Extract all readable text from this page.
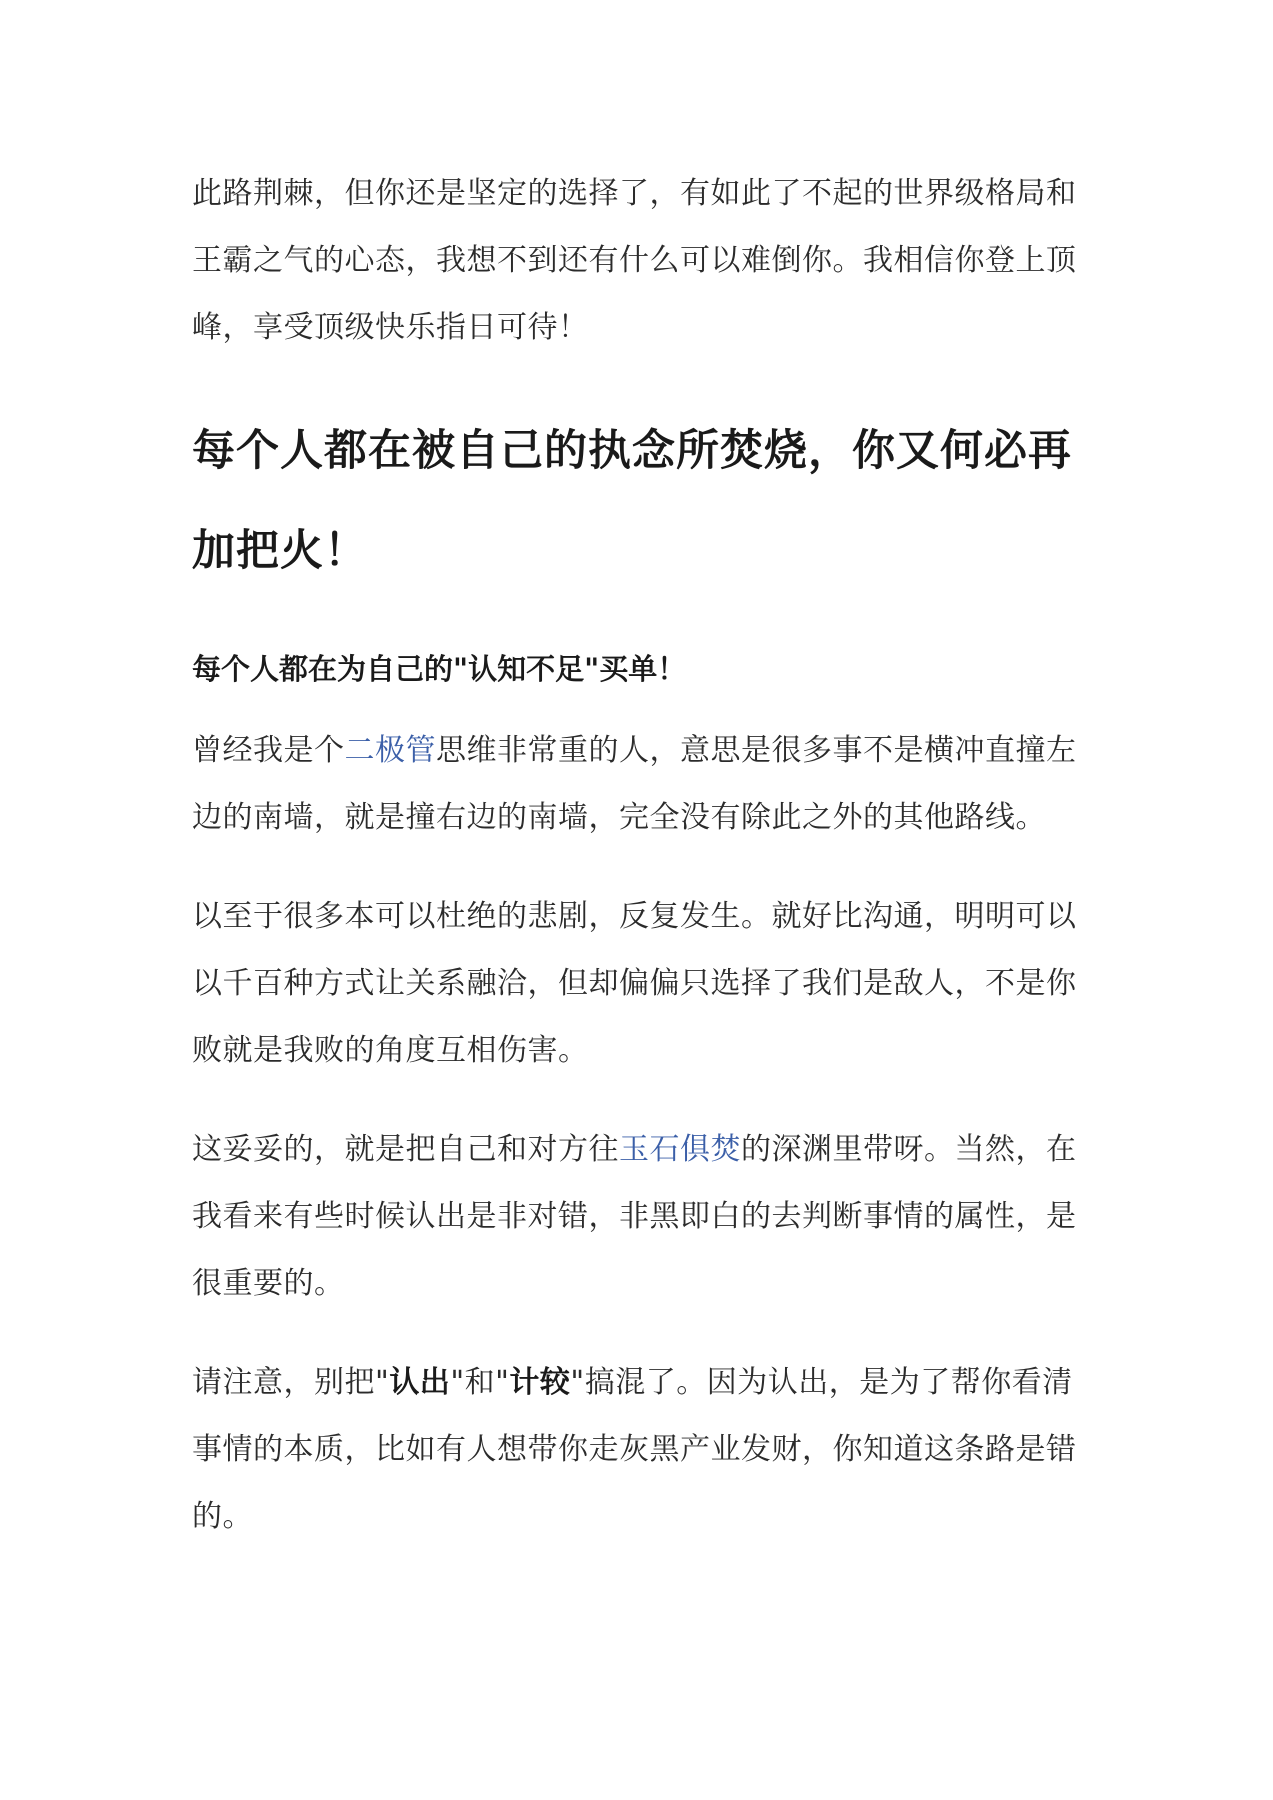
此路荆棘，但你还是坚定的选择了，有如此了不起的世界级格局和王霸之气的心态，我想不到还有什么可以难倒你。我相信你登上顶峰，享受顶级快乐指日可待！

每个人都在被自己的执念所焚烧，你又何必再加把火！
每个人都在为自己的"认知不足"买单！

曾经我是个二极管思维非常重的人，意思是很多事不是横冲直撞左边的南墙，就是撞右边的南墙，完全没有除此之外的其他路线。

以至于很多本可以杜绝的悲剧，反复发生。就好比沟通，明明可以以千百种方式让关系融洽，但却偏偏只选择了我们是敌人，不是你败就是我败的角度互相伤害。

这妥妥的，就是把自己和对方往玉石俱焚的深渊里带呀。当然，在我看来有些时候认出是非对错，非黑即白的去判断事情的属性，是很重要的。

请注意，别把"认出"和"计较"搞混了。因为认出，是为了帮你看清事情的本质，比如有人想带你走灰黑产业发财，你知道这条路是错的。
